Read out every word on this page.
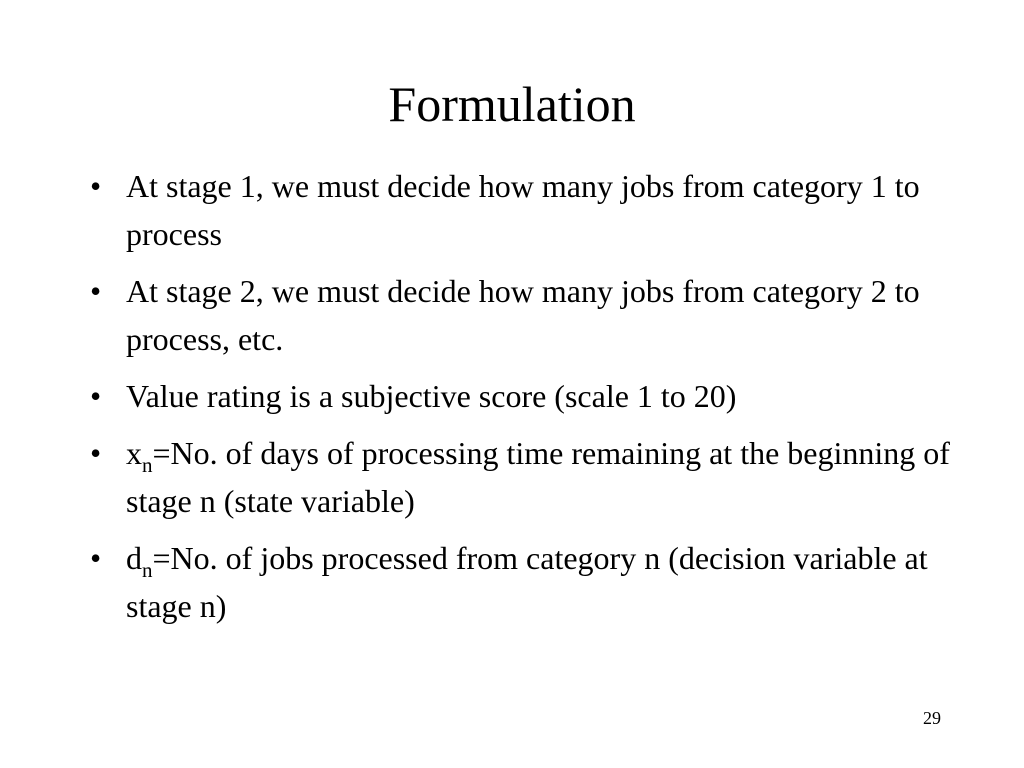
Formulation
• At stage 1, we must decide how many jobs from category 1 to process
• At stage 2, we must decide how many jobs from category 2 to process, etc.
• Value rating is a subjective score (scale 1 to 20)
• $x_n=No$. of days of processing time remaining at the beginning of stage n (state variable)
• $d_n=No$. of jobs processed from category n (decision variable at stage n)
29
